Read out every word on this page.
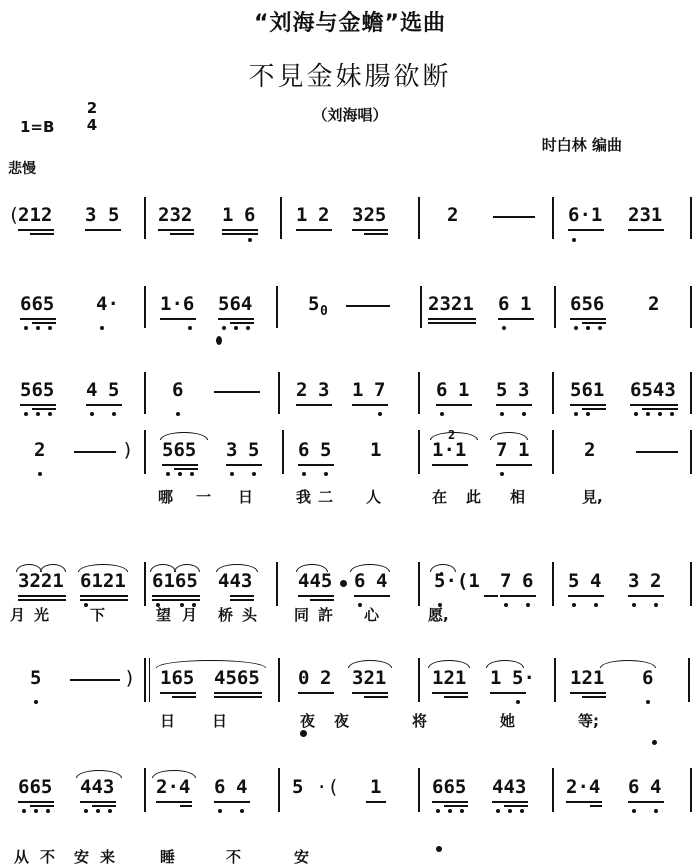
“刘海与金蟾”选曲
不見金妹腸欲断
（刘海唱）
1=B
2
4
时白林 编曲
悲慢
(
212 3 5 232 1 6 1 2 325	2	6·1 231
665 4· 1·6 564	5 0	2321 6 1 656 2
565 4 5	6	2 3 1 7	6 1 5 3 561 6543
2	) 565 3 5 6 5 1
2
1·1 7 1	2
哪 一 日	我 二 人	在 此 相	見,
3221 6121 6165 443 445 6 4 5·(1 7 6 5 4 3 2
月 光	下	望 月 桥 头 同 許 心	愿,
5	) 165 4565 0 2 321 121 1 5· 121 6
日 日	夜 夜	将	她	等;
665 443 2·4 6 4 5 ·( 1	665 443 2·4 6 4
从 不 安 来	睡	不	安
